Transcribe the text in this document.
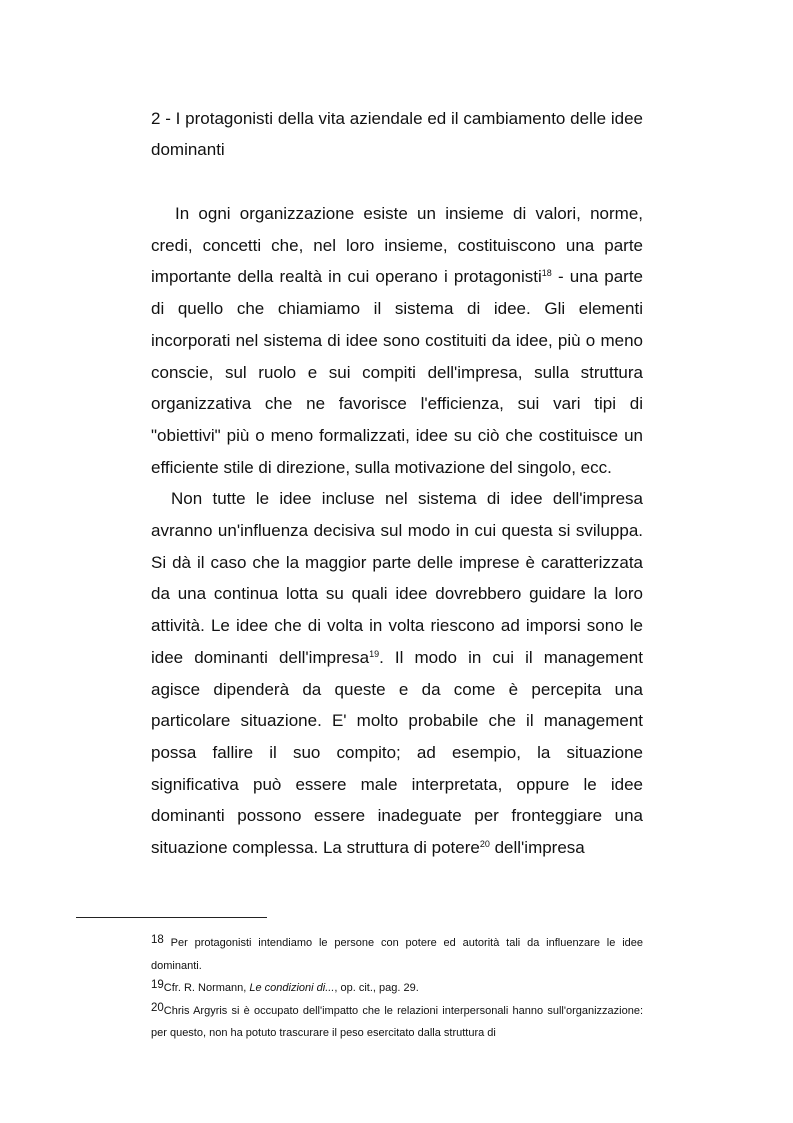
2 - I protagonisti della vita aziendale ed il cambiamento delle idee dominanti

In ogni organizzazione esiste un insieme di valori, norme, credi, concetti che, nel loro insieme, costituiscono una parte importante della realtà in cui operano i protagonisti$^{18}$ - una parte di quello che chiamiamo il sistema di idee. Gli elementi incorporati nel sistema di idee sono costituiti da idee, più o meno conscie, sul ruolo e sui compiti dell'impresa, sulla struttura organizzativa che ne favorisce l'efficienza, sui vari tipi di "obiettivi" più o meno formalizzati, idee su ciò che costituisce un efficiente stile di direzione, sulla motivazione del singolo, ecc.

Non tutte le idee incluse nel sistema di idee dell'impresa avranno un'influenza decisiva sul modo in cui questa si sviluppa. Si dà il caso che la maggior parte delle imprese è caratterizzata da una continua lotta su quali idee dovrebbero guidare la loro attività. Le idee che di volta in volta riescono ad imporsi sono le idee dominanti dell'impresa$^{19}$. Il modo in cui il management agisce dipenderà da queste e da come è percepita una particolare situazione. E' molto probabile che il management possa fallire il suo compito; ad esempio, la situazione significativa può essere male interpretata, oppure le idee dominanti possono essere inadeguate per fronteggiare una situazione complessa. La struttura di potere$^{20}$ dell'impresa

18 Per protagonisti intendiamo le persone con potere ed autorità tali da influenzare le idee dominanti.

19Cfr. R. Normann, Le condizioni di..., op. cit., pag. 29.

20Chris Argyris si è occupato dell'impatto che le relazioni interpersonali hanno sull'organizzazione: per questo, non ha potuto trascurare il peso esercitato dalla struttura di
